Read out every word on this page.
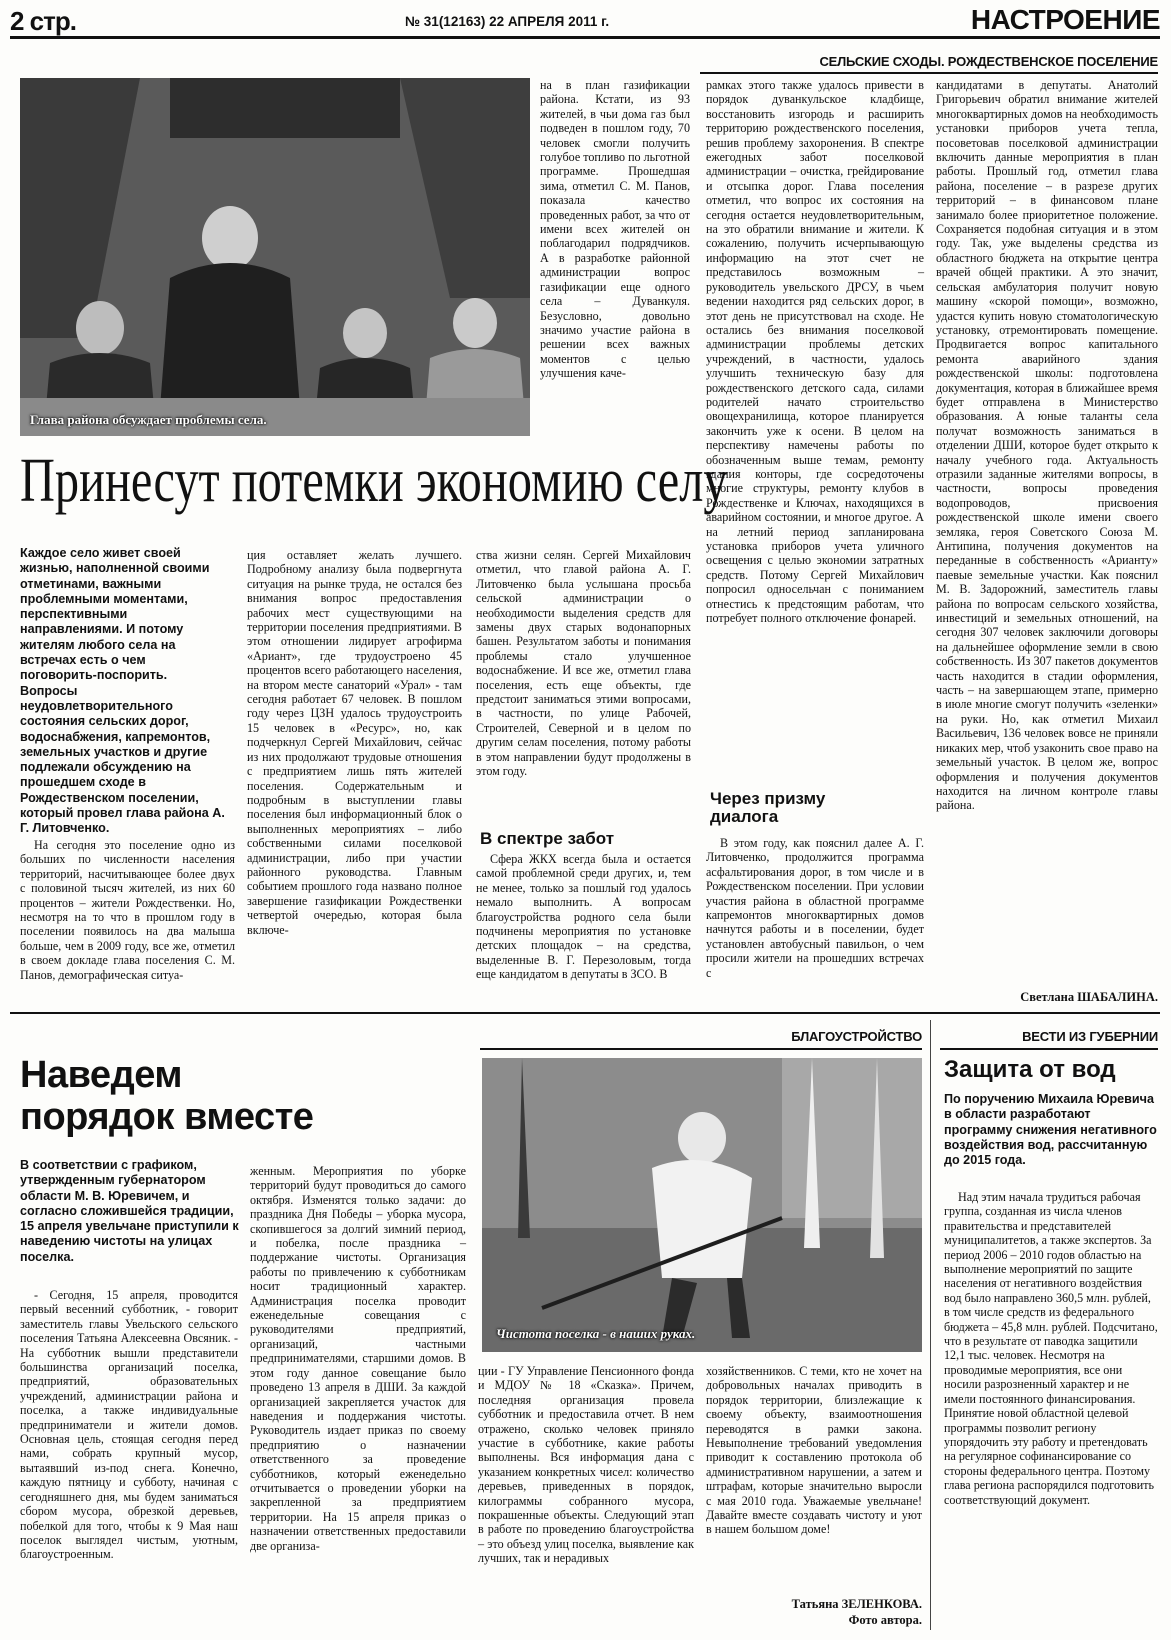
2 стр.	№ 31(12163) 22 АПРЕЛЯ 2011 г.	НАСТРОЕНИЕ
СЕЛЬСКИЕ СХОДЫ. РОЖДЕСТВЕНСКОЕ ПОСЕЛЕНИЕ
Глава района обсуждает проблемы села.

на в план газификации района. Кстати, из 93 жителей, в чьи дома газ был подведен в пошлом году, 70 человек смогли получить голубое топливо по льготной программе. Прошедшая зима, отметил С. М. Панов, показала качество проведенных работ, за что от имени всех жителей он поблагодарил подрядчиков. А в разработке районной администрации вопрос газификации еще одного села – Дуванкуля. Безусловно, довольно значимо участие района в решении всех важных моментов с целью улучшения каче-

Принесут потемки экономию селу
Каждое село живет своей жизнью, наполненной своими отметинами, важными проблемными моментами, перспективными направлениями. И потому жителям любого села на встречах есть о чем поговорить-поспорить. Вопросы неудовлетворительного состояния сельских дорог, водоснабжения, капремонтов, земельных участков и другие подлежали обсуждению на прошедшем сходе в Рождественском поселении, который провел глава района А. Г. Литовченко.

На сегодня это поселение одно из больших по численности населения территорий, насчитывающее более двух с половиной тысяч жителей, из них 60 процентов – жители Рождественки. Но, несмотря на то что в прошлом году в поселении появилось на два малыша больше, чем в 2009 году, все же, отметил в своем докладе глава поселения С. М. Панов, демографическая ситуа-

ция оставляет желать лучшего. Подробному анализу была подвергнута ситуация на рынке труда, не остался без внимания вопрос предоставления рабочих мест существующими на территории поселения предприятиями. В этом отношении лидирует агрофирма «Ариант», где трудоустроено 45 процентов всего работающего населения, на втором месте санаторий «Урал» - там сегодня работает 67 человек. В пошлом году через ЦЗН удалось трудоустроить 15 человек в «Ресурс», но, как подчеркнул Сергей Михайлович, сейчас из них продолжают трудовые отношения с предприятием лишь пять жителей поселения. Содержательным и подробным в выступлении главы поселения был информационный блок о выполненных мероприятиях – либо собственными силами поселковой администрации, либо при участии районного руководства. Главным событием прошлого года названо полное завершение газификации Рождественки четвертой очередью, которая была включе-

ства жизни селян. Сергей Михайлович отметил, что главой района А. Г. Литовченко была услышана просьба сельской администрации о необходимости выделения средств для замены двух старых водонапорных башен. Результатом заботы и понимания проблемы стало улучшенное водоснабжение. И все же, отметил глава поселения, есть еще объекты, где предстоит заниматься этими вопросами, в частности, по улице Рабочей, Строителей, Северной и в целом по другим селам поселения, потому работы в этом направлении будут продолжены в этом году.

В спектре забот

Сфера ЖКХ всегда была и остается самой проблемной среди других, и, тем не менее, только за пошлый год удалось немало выполнить. А вопросам благоустройства родного села были подчинены мероприятия по установке детских площадок – на средства, выделенные В. Г. Перезоловым, тогда еще кандидатом в депутаты в ЗСО. В

рамках этого также удалось привести в порядок дуванкульское кладбище, восстановить изгородь и расширить территорию рождественского поселения, решив проблему захоронения. В спектре ежегодных забот поселковой администрации – очистка, грейдирование и отсыпка дорог. Глава поселения отметил, что вопрос их состояния на сегодня остается неудовлетворительным, на это обратили внимание и жители. К сожалению, получить исчерпывающую информацию на этот счет не представилось возможным – руководитель увельского ДРСУ, в чьем ведении находится ряд сельских дорог, в этот день не присутствовал на сходе. Не остались без внимания поселковой администрации проблемы детских учреждений, в частности, удалось улучшить техническую базу для рождественского детского сада, силами родителей начато строительство овощехранилища, которое планируется закончить уже к осени. В целом на перспективу намечены работы по обозначенным выше темам, ремонту здания конторы, где сосредоточены многие структуры, ремонту клубов в Рождественке и Ключах, находящихся в аварийном состоянии, и многое другое. А на летний период запланирована установка приборов учета уличного освещения с целью экономии затратных средств. Потому Сергей Михайлович попросил односельчан с пониманием отнестись к предстоящим работам, что потребует полного отключение фонарей.

Через призму диалога

В этом году, как пояснил далее А. Г. Литовченко, продолжится программа асфальтирования дорог, в том числе и в Рождественском поселении. При условии участия района в областной программе капремонтов многоквартирных домов начнутся работы и в поселении, будет установлен автобусный павильон, о чем просили жители на прошедших встречах с

кандидатами в депутаты. Анатолий Григорьевич обратил внимание жителей многоквартирных домов на необходимость установки приборов учета тепла, посоветовав поселковой администрации включить данные мероприятия в план работы. Прошлый год, отметил глава района, поселение – в разрезе других территорий – в финансовом плане занимало более приоритетное положение. Сохраняется подобная ситуация и в этом году. Так, уже выделены средства из областного бюджета на открытие центра врачей общей практики. А это значит, сельская амбулатория получит новую машину «скорой помощи», возможно, удастся купить новую стоматологическую установку, отремонтировать помещение. Продвигается вопрос капитального ремонта аварийного здания рождественской школы: подготовлена документация, которая в ближайшее время будет отправлена в Министерство образования. А юные таланты села получат возможность заниматься в отделении ДШИ, которое будет открыто к началу учебного года. Актуальность отразили заданные жителями вопросы, в частности, вопросы проведения водопроводов, присвоения рождественской школе имени своего земляка, героя Советского Союза М. Антипина, получения документов на переданные в собственность «Арианту» паевые земельные участки. Как пояснил М. В. Задорожний, заместитель главы района по вопросам сельского хозяйства, инвестиций и земельных отношений, на сегодня 307 человек заключили договоры на дальнейшее оформление земли в свою собственность. Из 307 пакетов документов часть находится в стадии оформления, часть – на завершающем этапе, примерно в июле многие смогут получить «зеленки» на руки. Но, как отметил Михаил Васильевич, 136 человек вовсе не приняли никаких мер, чтоб узаконить свое право на земельный участок. В целом же, вопрос оформления и получения документов находится на личном контроле главы района.

Светлана ШАБАЛИНА.
БЛАГОУСТРОЙСТВО
Наведем
порядок вместе
В соответствии с графиком, утвержденным губернатором области М. В. Юревичем, и согласно сложившейся традиции, 15 апреля увельчане приступили к наведению чистоты на улицах поселка.

- Сегодня, 15 апреля, проводится первый весенний субботник, - говорит заместитель главы Увельского сельского поселения Татьяна Алексеевна Овсяник. - На субботник вышли представители большинства организаций поселка, предприятий, образовательных учреждений, администрации района и поселка, а также индивидуальные предприниматели и жители домов. Основная цель, стоящая сегодня перед нами, собрать крупный мусор, вытаявший из-под снега. Конечно, каждую пятницу и субботу, начиная с сегодняшнего дня, мы будем заниматься сбором мусора, обрезкой деревьев, побелкой для того, чтобы к 9 Мая наш поселок выглядел чистым, уютным, благоустроенным.

женным. Мероприятия по уборке территорий будут проводиться до самого октября. Изменятся только задачи: до праздника Дня Победы – уборка мусора, скопившегося за долгий зимний период, и побелка, после праздника – поддержание чистоты. Организация работы по привлечению к субботникам носит традиционный характер. Администрация поселка проводит еженедельные совещания с руководителями предприятий, организаций, частными предпринимателями, старшими домов. В этом году данное совещание было проведено 13 апреля в ДШИ. За каждой организацией закрепляется участок для наведения и поддержания чистоты. Руководитель издает приказ по своему предприятию о назначении ответственного за проведение субботников, который еженедельно отчитывается о проведении уборки на закрепленной за предприятием территории. На 15 апреля приказ о назначении ответственных предоставили две организа-

Чистота поселка - в наших руках.

ции - ГУ Управление Пенсионного фонда и МДОУ № 18 «Сказка». Причем, последняя организация провела субботник и предоставила отчет. В нем отражено, сколько человек приняло участие в субботнике, какие работы выполнены. Вся информация дана с указанием конкретных чисел: количество деревьев, приведенных в порядок, килограммы собранного мусора, покрашенные объекты. Следующий этап в работе по проведению благоустройства – это объезд улиц поселка, выявление как лучших, так и нерадивых

хозяйственников. С теми, кто не хочет на добровольных началах приводить в порядок территории, близлежащие к своему объекту, взаимоотношения переводятся в рамки закона. Невыполнение требований уведомления приводит к составлению протокола об административном нарушении, а затем и штрафам, которые значительно выросли с мая 2010 года. Уважаемые увельчане! Давайте вместе создавать чистоту и уют в нашем большом доме!

Татьяна ЗЕЛЕНКОВА.
Фото автора.
ВЕСТИ ИЗ ГУБЕРНИИ
Защита от вод
По поручению Михаила Юревича в области разработают программу снижения негативного воздействия вод, рассчитанную до 2015 года.

Над этим начала трудиться рабочая группа, созданная из числа членов правительства и представителей муниципалитетов, а также экспертов. За период 2006 – 2010 годов областью на выполнение мероприятий по защите населения от негативного воздействия вод было направлено 360,5 млн. рублей, в том числе средств из федерального бюджета – 45,8 млн. рублей. Подсчитано, что в результате от паводка защитили 12,1 тыс. человек. Несмотря на проводимые мероприятия, все они носили разрозненный характер и не имели постоянного финансирования. Принятие новой областной целевой программы позволит региону упорядочить эту работу и претендовать на регулярное софинансирование со стороны федерального центра. Поэтому глава региона распорядился подготовить соответствующий документ.
